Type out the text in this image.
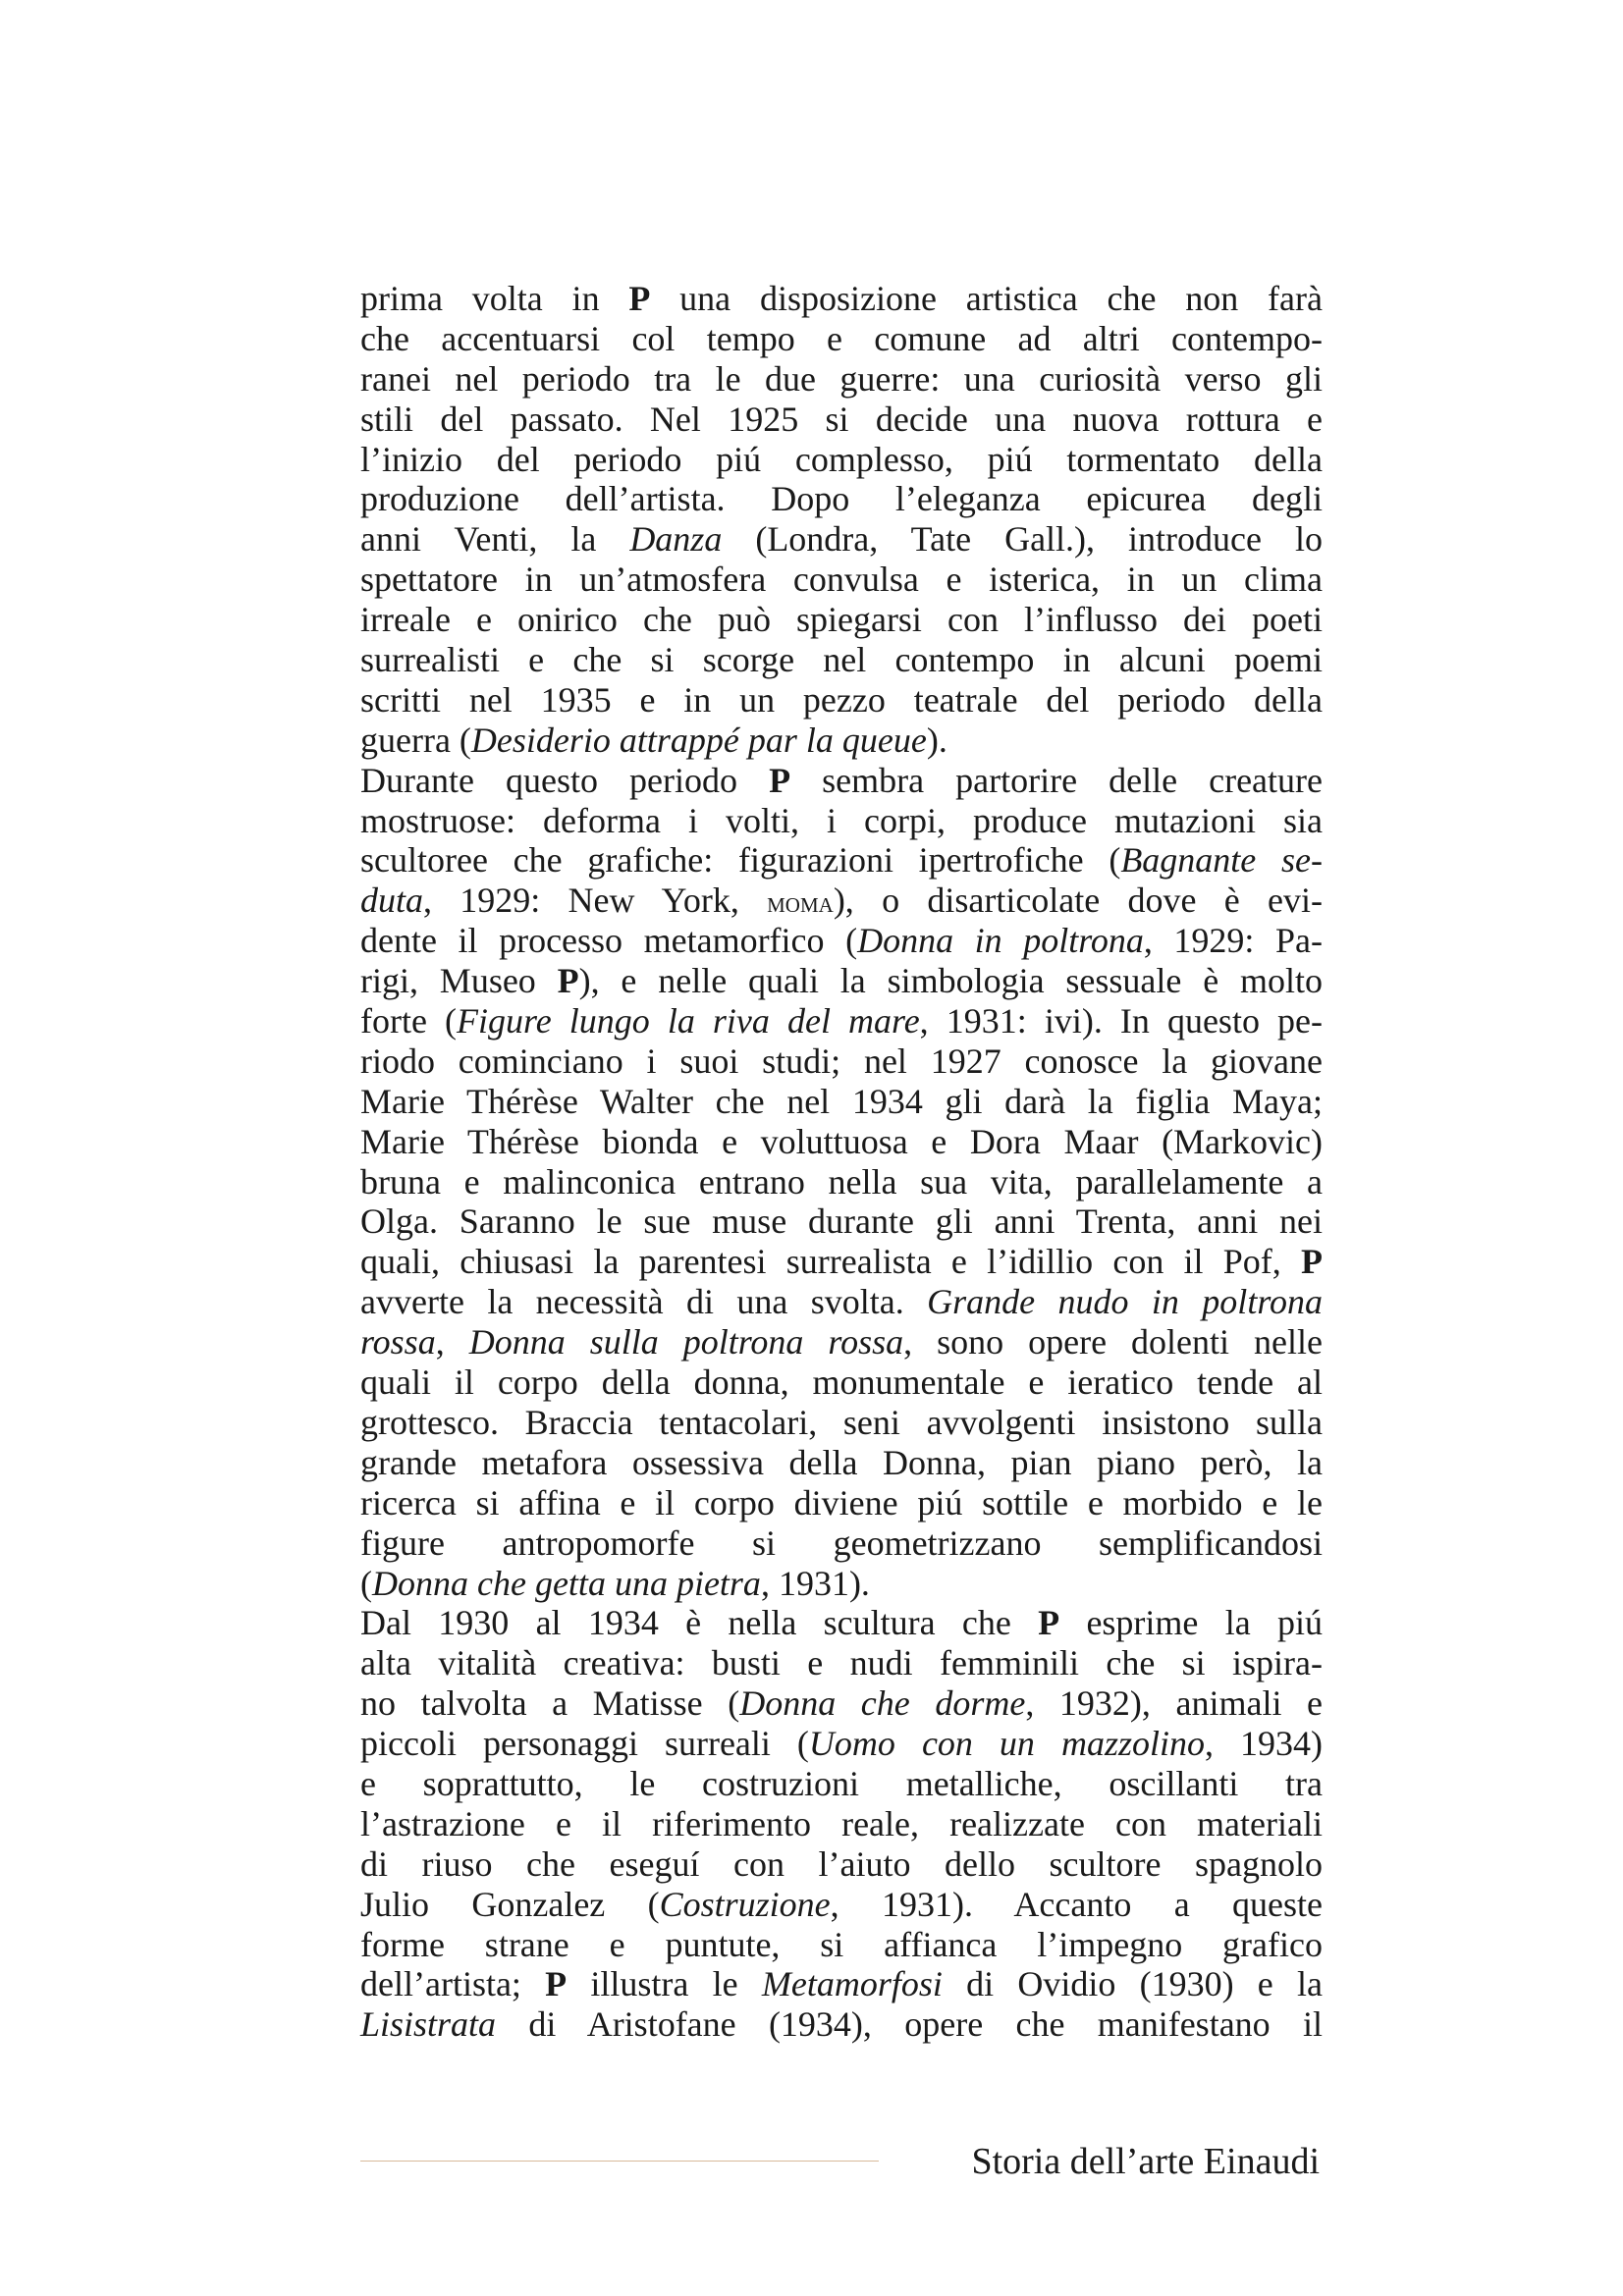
prima volta in P una disposizione artistica che non farà
che accentuarsi col tempo e comune ad altri contempo-
ranei nel periodo tra le due guerre: una curiosità verso gli
stili del passato. Nel 1925 si decide una nuova rottura e
l’inizio del periodo piú complesso, piú tormentato della
produzione dell’artista. Dopo l’eleganza epicurea degli
anni Venti, la Danza (Londra, Tate Gall.), introduce lo
spettatore in un’atmosfera convulsa e isterica, in un clima
irreale e onirico che può spiegarsi con l’influsso dei poeti
surrealisti e che si scorge nel contempo in alcuni poemi
scritti nel 1935 e in un pezzo teatrale del periodo della
guerra (Desiderio attrappé par la queue).
Durante questo periodo P sembra partorire delle creature
mostruose: deforma i volti, i corpi, produce mutazioni sia
scultoree che grafiche: figurazioni ipertrofiche (Bagnante se-
duta, 1929: New York, moma), o disarticolate dove è evi-
dente il processo metamorfico (Donna in poltrona, 1929: Pa-
rigi, Museo P), e nelle quali la simbologia sessuale è molto
forte (Figure lungo la riva del mare, 1931: ivi). In questo pe-
riodo cominciano i suoi studi; nel 1927 conosce la giovane
Marie Thérèse Walter che nel 1934 gli darà la figlia Maya;
Marie Thérèse bionda e voluttuosa e Dora Maar (Markovic)
bruna e malinconica entrano nella sua vita, parallelamente a
Olga. Saranno le sue muse durante gli anni Trenta, anni nei
quali, chiusasi la parentesi surrealista e l’idillio con il Pof, P
avverte la necessità di una svolta. Grande nudo in poltrona
rossa, Donna sulla poltrona rossa, sono opere dolenti nelle
quali il corpo della donna, monumentale e ieratico tende al
grottesco. Braccia tentacolari, seni avvolgenti insistono sulla
grande metafora ossessiva della Donna, pian piano però, la
ricerca si affina e il corpo diviene piú sottile e morbido e le
figure antropomorfe si geometrizzano semplificandosi
(Donna che getta una pietra, 1931).
Dal 1930 al 1934 è nella scultura che P esprime la piú
alta vitalità creativa: busti e nudi femminili che si ispira-
no talvolta a Matisse (Donna che dorme, 1932), animali e
piccoli personaggi surreali (Uomo con un mazzolino, 1934)
e soprattutto, le costruzioni metalliche, oscillanti tra
l’astrazione e il riferimento reale, realizzate con materiali
di riuso che eseguí con l’aiuto dello scultore spagnolo
Julio Gonzalez (Costruzione, 1931). Accanto a queste
forme strane e puntute, si affianca l’impegno grafico
dell’artista; P illustra le Metamorfosi di Ovidio (1930) e la
Lisistrata di Aristofane (1934), opere che manifestano il
Storia dell’arte Einaudi
